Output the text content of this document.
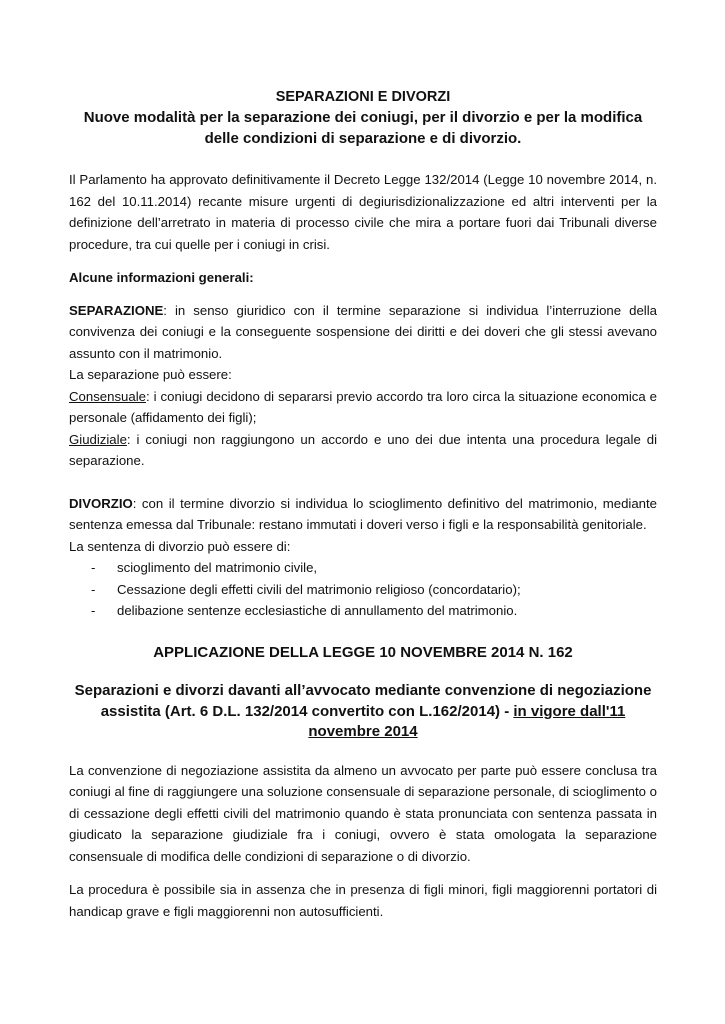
SEPARAZIONI E DIVORZI
Nuove modalità per la separazione dei coniugi, per il divorzio e per la modifica
delle condizioni di separazione e di divorzio.

Il Parlamento ha approvato definitivamente il Decreto Legge 132/2014 (Legge 10 novembre 2014, n. 162 del 10.11.2014) recante misure urgenti di degiurisdizionalizzazione ed altri interventi per la definizione dell’arretrato in materia di processo civile che mira a portare fuori dai Tribunali diverse procedure, tra cui quelle per i coniugi in crisi.

Alcune informazioni generali:

SEPARAZIONE: in senso giuridico con il termine separazione si individua l’interruzione della convivenza dei coniugi e la conseguente sospensione dei diritti e dei doveri che gli stessi avevano assunto con il matrimonio.

La separazione può essere:

Consensuale: i coniugi decidono di separarsi previo accordo tra loro circa la situazione economica e personale (affidamento dei figli);

Giudiziale: i coniugi non raggiungono un accordo e uno dei due intenta una procedura legale di separazione.

DIVORZIO: con il termine divorzio si individua lo scioglimento definitivo del matrimonio, mediante sentenza emessa dal Tribunale: restano immutati i doveri verso i figli e la responsabilità genitoriale.

La sentenza di divorzio può essere di:

- scioglimento del matrimonio civile,
- Cessazione degli effetti civili del matrimonio religioso (concordatario);
- delibazione sentenze ecclesiastiche di annullamento del matrimonio.
APPLICAZIONE DELLA LEGGE 10 NOVEMBRE 2014 N. 162
Separazioni e divorzi davanti all’avvocato mediante convenzione di negoziazione assistita (Art. 6 D.L. 132/2014 convertito con L.162/2014) - in vigore dall'11 novembre 2014

La convenzione di negoziazione assistita da almeno un avvocato per parte può essere conclusa tra coniugi al fine di raggiungere una soluzione consensuale di separazione personale, di scioglimento o di cessazione degli effetti civili del matrimonio quando è stata pronunciata con sentenza passata in giudicato la separazione giudiziale fra i coniugi, ovvero è stata omologata la separazione consensuale di modifica delle condizioni di separazione o di divorzio.

La procedura è possibile sia in assenza che in presenza di figli minori, figli maggiorenni portatori di handicap grave e figli maggiorenni non autosufficienti.
